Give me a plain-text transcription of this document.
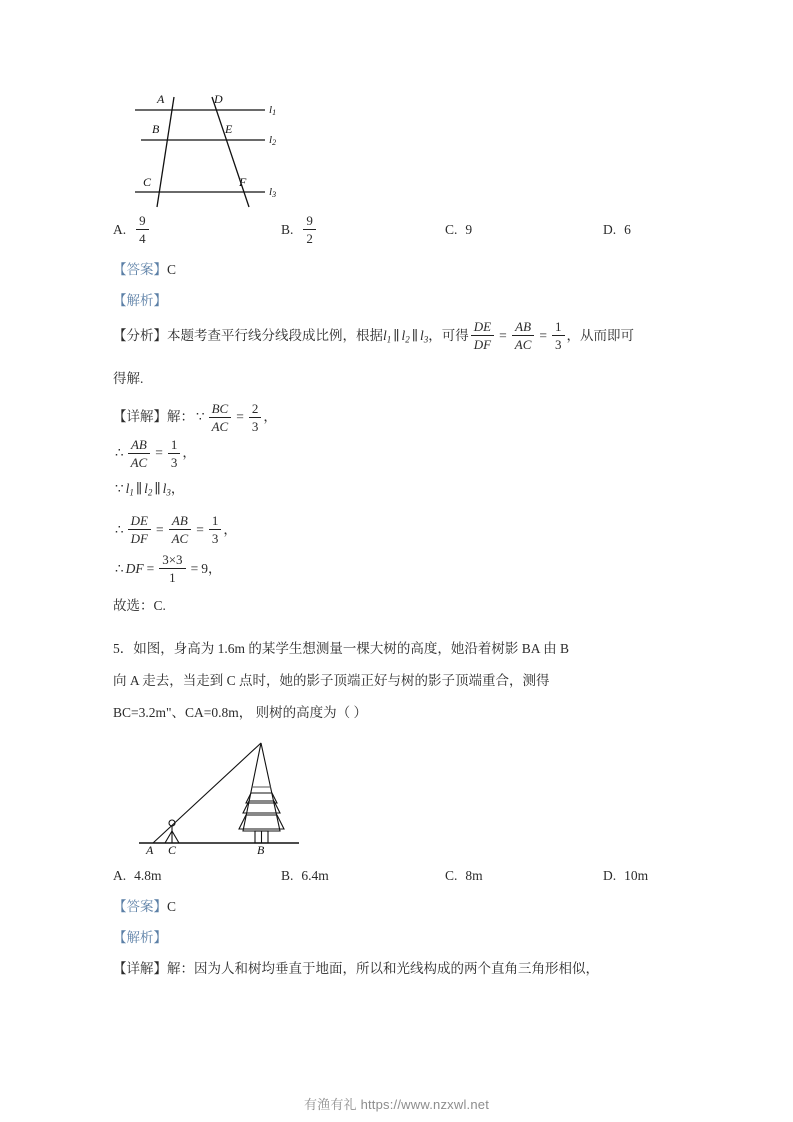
A	D
B	E
C	F
l1
l2
l3
A. $\frac{9}{4}$	B. $\frac{9}{2}$	C. 9	D. 6
【答案】C
【解析】
【分析】本题考查平行线分线段成比例，根据$l_1$ ∥ $l_2$ ∥ $l_3$，可得 $\frac{DE}{DF} = \frac{AB}{AC} = \frac{1}{3}$ ，从而即可
得解.
【详解】解： ∵ $\frac{BC}{AC} = \frac{2}{3}$ ，
∴ $\frac{AB}{AC} = \frac{1}{3}$ ，
∵ $l_1$ ∥ $l_2$ ∥ $l_3$，
∴ $\frac{DE}{DF} = \frac{AB}{AC} = \frac{1}{3}$ ，
∴ DF = $\frac{3\times 3}{1} = 9$，
故选：C.
5．如图，身高为 1.6m 的某学生想测量一棵大树的高度，她沿着树影 BA 由 B
向 A 走去，当走到 C 点时，她的影子顶端正好与树的影子顶端重合，测得
BC=3.2m"、CA=0.8m， 则树的高度为（ ）
A C	B
A. 4.8m	B. 6.4m	C. 8m	D. 10m
【答案】C
【解析】
【详解】解：因为人和树均垂直于地面，所以和光线构成的两个直角三角形相似，
有渔有礼 https://www.nzxwl.net
